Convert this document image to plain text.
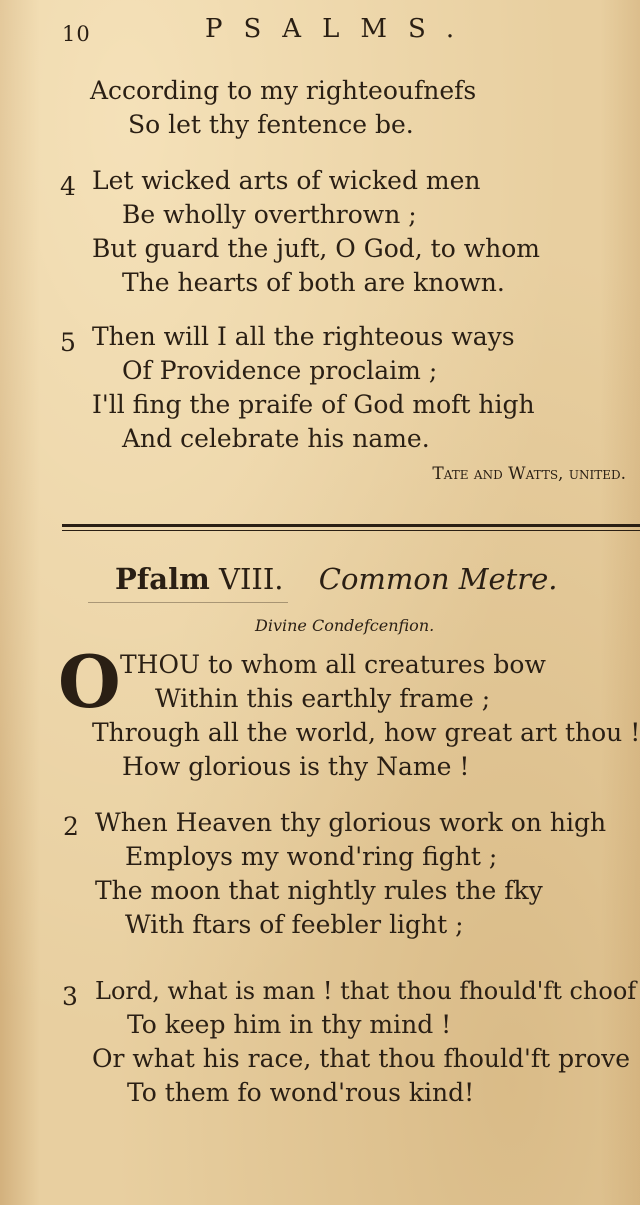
10	PSALMS.
According to my righteoufnefs
So let thy fentence be.
4 Let wicked arts of wicked men
Be wholly overthrown ;
But guard the juft, O God, to whom
The hearts of both are known.
5 Then will I all the righteous ways
Of Providence proclaim ;
I'll fing the praife of God moft high
And celebrate his name.
Tate and Watts, united.
Pfalm VIII. Common Metre.
Divine Condefcenfion.
O THOU to whom all creatures bow
Within this earthly frame ;
Through all the world, how great art thou !
How glorious is thy Name !
2 When Heaven thy glorious work on high
Employs my wond'ring fight ;
The moon that nightly rules the fky
With ftars of feebler light ;
3 Lord, what is man ! that thou fhould'ft choof
To keep him in thy mind !
Or what his race, that thou fhould'ft prove
To them fo wond'rous kind!
